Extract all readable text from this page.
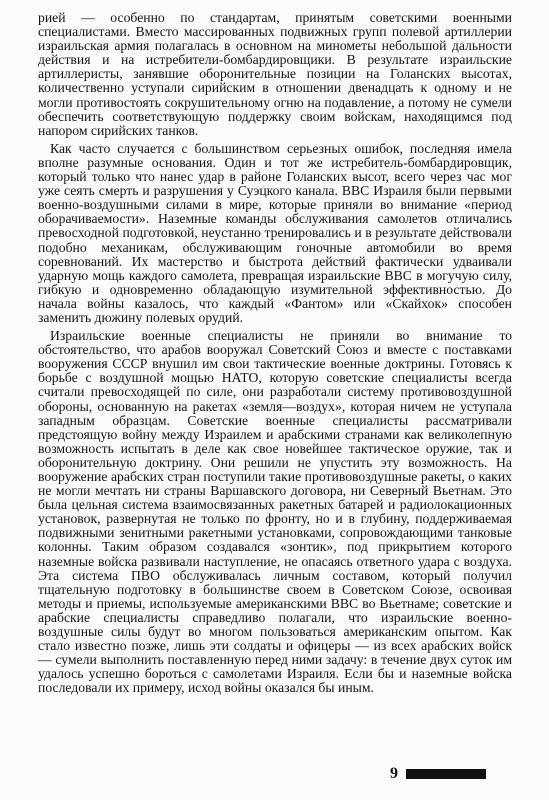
рией — особенно по стандартам, принятым советскими военными специалистами. Вместо массированных подвижных групп полевой артиллерии израильская армия полагалась в основном на минометы небольшой дальности действия и на истребители-бомбардировщики. В результате израильские артиллеристы, занявшие оборонительные позиции на Голанских высотах, количественно уступали сирийским в отношении двенадцать к одному и не могли противостоять сокрушительному огню на подавление, а потому не сумели обеспечить соответствующую поддержку своим войскам, находящимся под напором сирийских танков.

Как часто случается с большинством серьезных ошибок, последняя имела вполне разумные основания. Один и тот же истребитель-бомбардировщик, который только что нанес удар в районе Голанских высот, всего через час мог уже сеять смерть и разрушения у Суэцкого канала. ВВС Израиля были первыми военно-воздушными силами в мире, которые приняли во внимание «период оборачиваемости». Наземные команды обслуживания самолетов отличались превосходной подготовкой, неустанно тренировались и в результате действовали подобно механикам, обслуживающим гоночные автомобили во время соревнований. Их мастерство и быстрота действий фактически удваивали ударную мощь каждого самолета, превращая израильские ВВС в могучую силу, гибкую и одновременно обладающую изумительной эффективностью. До начала войны казалось, что каждый «Фантом» или «Скайхок» способен заменить дюжину полевых орудий.

Израильские военные специалисты не приняли во внимание то обстоятельство, что арабов вооружал Советский Союз и вместе с поставками вооружения СССР внушил им свои тактические военные доктрины. Готовясь к борьбе с воздушной мощью НАТО, которую советские специалисты всегда считали превосходящей по силе, они разработали систему противовоздушной обороны, основанную на ракетах «земля—воздух», которая ничем не уступала западным образцам. Советские военные специалисты рассматривали предстоящую войну между Израилем и арабскими странами как великолепную возможность испытать в деле как свое новейшее тактическое оружие, так и оборонительную доктрину. Они решили не упустить эту возможность. На вооружение арабских стран поступили такие противовоздушные ракеты, о каких не могли мечтать ни страны Варшавского договора, ни Северный Вьетнам. Это была цельная система взаимосвязанных ракетных батарей и радиолокационных установок, развернутая не только по фронту, но и в глубину, поддерживаемая подвижными зенитными ракетными установками, сопровождающими танковые колонны. Таким образом создавался «зонтик», под прикрытием которого наземные войска развивали наступление, не опасаясь ответного удара с воздуха. Эта система ПВО обслуживалась личным составом, который получил тщательную подготовку в большинстве своем в Советском Союзе, освоивая методы и приемы, используемые американскими ВВС во Вьетнаме; советские и арабские специалисты справедливо полагали, что израильские военно-воздушные силы будут во многом пользоваться американским опытом. Как стало известно позже, лишь эти солдаты и офицеры — из всех арабских войск — сумели выполнить поставленную перед ними задачу: в течение двух суток им удалось успешно бороться с самолетами Израиля. Если бы и наземные войска последовали их примеру, исход войны оказался бы иным.

9
